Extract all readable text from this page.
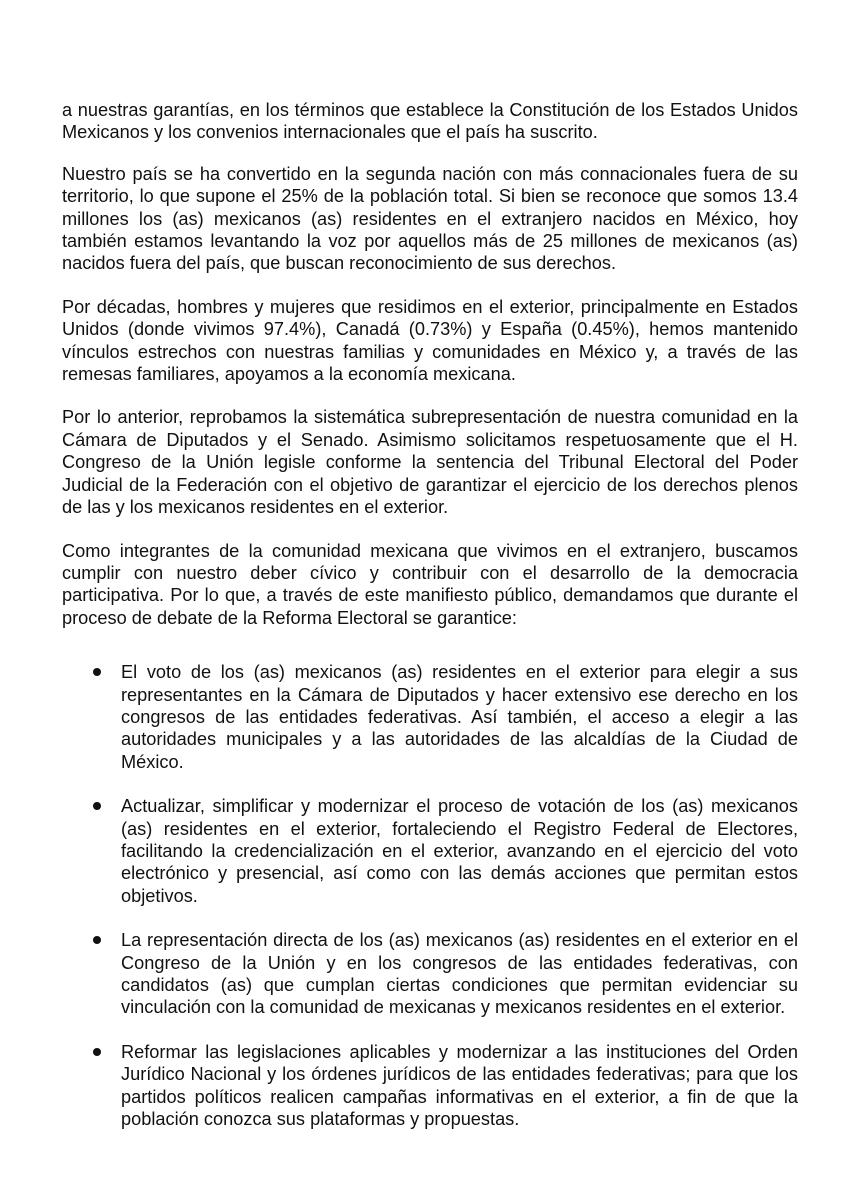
a nuestras garantías, en los términos que establece la Constitución de los Estados Unidos Mexicanos y los convenios internacionales que el país ha suscrito.

Nuestro país se ha convertido en la segunda nación con más connacionales fuera de su territorio, lo que supone el 25% de la población total. Si bien se reconoce que somos 13.4 millones los (as) mexicanos (as) residentes en el extranjero nacidos en México, hoy también estamos levantando la voz por aquellos más de 25 millones de mexicanos (as) nacidos fuera del país, que buscan reconocimiento de sus derechos.

Por décadas, hombres y mujeres que residimos en el exterior, principalmente en Estados Unidos (donde vivimos 97.4%), Canadá (0.73%) y España (0.45%), hemos mantenido vínculos estrechos con nuestras familias y comunidades en México y, a través de las remesas familiares, apoyamos a la economía mexicana.

Por lo anterior, reprobamos la sistemática subrepresentación de nuestra comunidad en la Cámara de Diputados y el Senado. Asimismo solicitamos respetuosamente que el H. Congreso de la Unión legisle conforme la sentencia del Tribunal Electoral del Poder Judicial de la Federación con el objetivo de garantizar el ejercicio de los derechos plenos de las y los mexicanos residentes en el exterior.

Como integrantes de la comunidad mexicana que vivimos en el extranjero, buscamos cumplir con nuestro deber cívico y contribuir con el desarrollo de la democracia participativa. Por lo que, a través de este manifiesto público, demandamos que durante el proceso de debate de la Reforma Electoral se garantice:

El voto de los (as) mexicanos (as) residentes en el exterior para elegir a sus representantes en la Cámara de Diputados y hacer extensivo ese derecho en los congresos de las entidades federativas. Así también, el acceso a elegir a las autoridades municipales y a las autoridades de las alcaldías de la Ciudad de México.
Actualizar, simplificar y modernizar el proceso de votación de los (as) mexicanos (as) residentes en el exterior, fortaleciendo el Registro Federal de Electores, facilitando la credencialización en el exterior, avanzando en el ejercicio del voto electrónico y presencial, así como con las demás acciones que permitan estos objetivos.
La representación directa de los (as) mexicanos (as) residentes en el exterior en el Congreso de la Unión y en los congresos de las entidades federativas, con candidatos (as) que cumplan ciertas condiciones que permitan evidenciar su vinculación con la comunidad de mexicanas y mexicanos residentes en el exterior.
Reformar las legislaciones aplicables y modernizar a las instituciones del Orden Jurídico Nacional y los órdenes jurídicos de las entidades federativas; para que los partidos políticos realicen campañas informativas en el exterior, a fin de que la población conozca sus plataformas y propuestas.
